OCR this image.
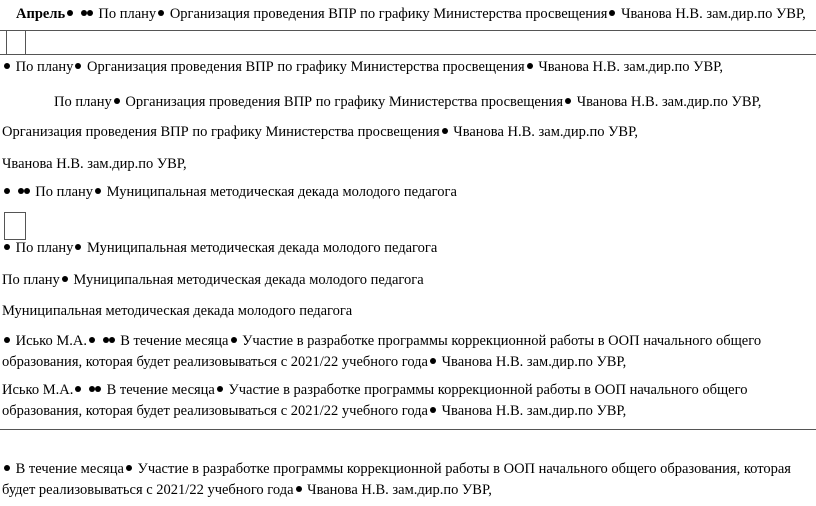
Апрель По плану Организация проведения ВПР по графику Министерства просвещения Чванова Н.В. зам.дир.по УВР,
По плану Организация проведения ВПР по графику Министерства просвещения Чванова Н.В. зам.дир.по УВР,
По плану Организация проведения ВПР по графику Министерства просвещения Чванова Н.В. зам.дир.по УВР,
Организация проведения ВПР по графику Министерства просвещения Чванова Н.В. зам.дир.по УВР,
Чванова Н.В. зам.дир.по УВР,
По плану Муниципальная методическая декада молодого педагога
По плану Муниципальная методическая декада молодого педагога
По плану Муниципальная методическая декада молодого педагога
Муниципальная методическая декада молодого педагога
Исько М.А. В течение месяца Участие в разработке программы коррекционной работы в ООП начального общего образования, которая будет реализовываться с 2021/22 учебного года Чванова Н.В. зам.дир.по УВР,
Исько М.А. В течение месяца Участие в разработке программы коррекционной работы в ООП начального общего образования, которая будет реализовываться с 2021/22 учебного года Чванова Н.В. зам.дир.по УВР,
В течение месяца Участие в разработке программы коррекционной работы в ООП начального общего образования, которая будет реализовываться с 2021/22 учебного года Чванова Н.В. зам.дир.по УВР,
